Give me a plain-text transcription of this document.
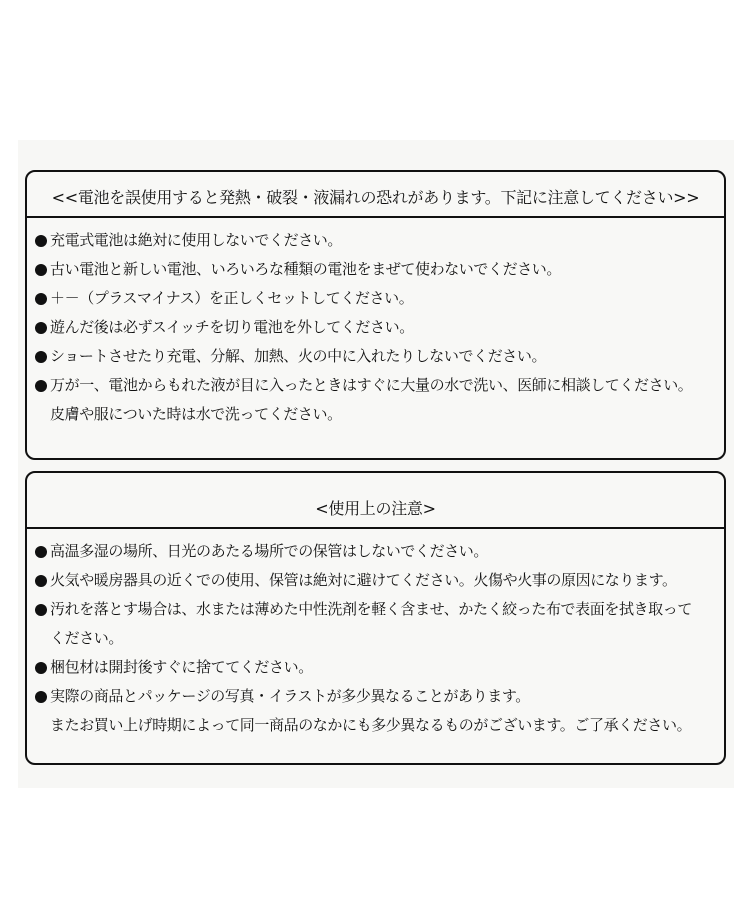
<<電池を誤使用すると発熱・破裂・液漏れの恐れがあります。下記に注意してください>>
充電式電池は絶対に使用しないでください。
古い電池と新しい電池、いろいろな種類の電池をまぜて使わないでください。
＋－（プラスマイナス）を正しくセットしてください。
遊んだ後は必ずスイッチを切り電池を外してください。
ショートさせたり充電、分解、加熱、火の中に入れたりしないでください。
万が一、電池からもれた液が目に入ったときはすぐに大量の水で洗い、医師に相談してください。
皮膚や服についた時は水で洗ってください。
<使用上の注意>
高温多湿の場所、日光のあたる場所での保管はしないでください。
火気や暖房器具の近くでの使用、保管は絶対に避けてください。火傷や火事の原因になります。
汚れを落とす場合は、水または薄めた中性洗剤を軽く含ませ、かたく絞った布で表面を拭き取って
ください。
梱包材は開封後すぐに捨ててください。
実際の商品とパッケージの写真・イラストが多少異なることがあります。
またお買い上げ時期によって同一商品のなかにも多少異なるものがございます。ご了承ください。
